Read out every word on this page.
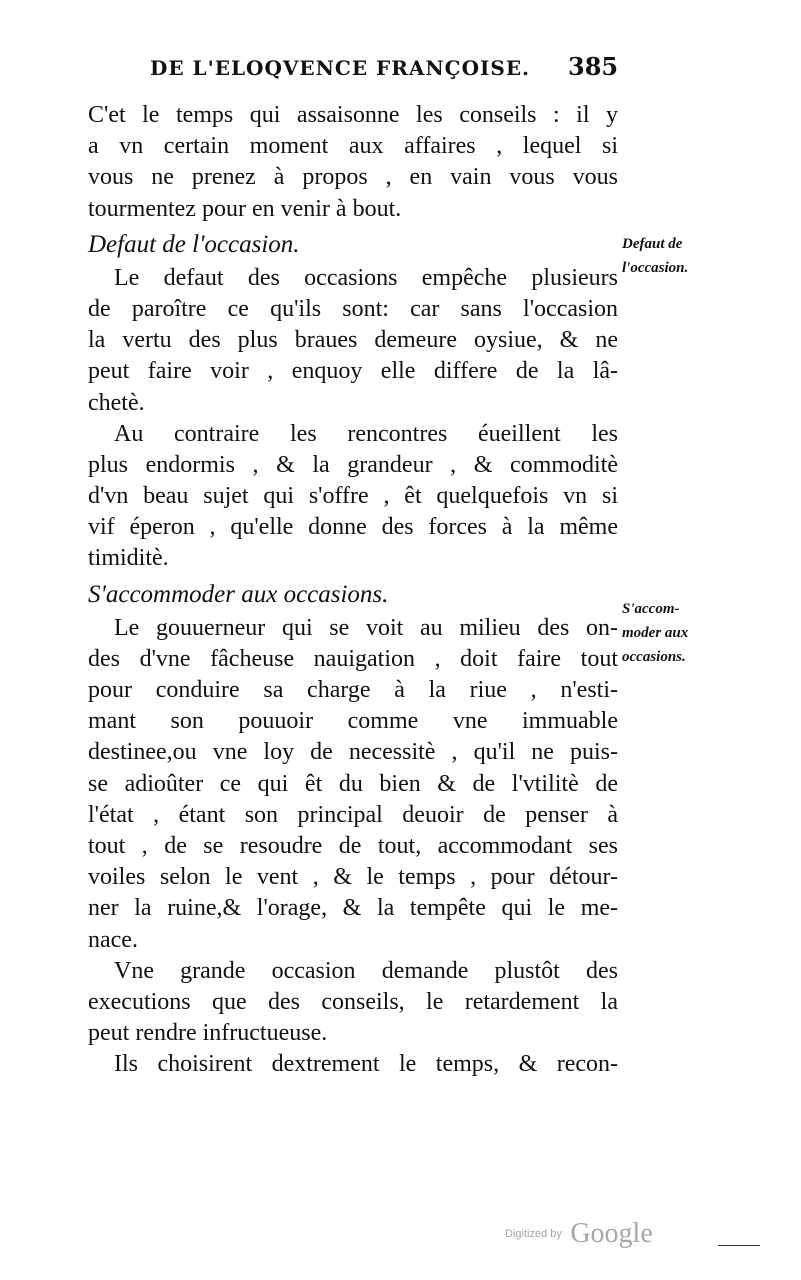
DE L'ELOQVENCE FRANÇOISE. 385
C'et le temps qui assaisonne les conseils : il y
a vn certain moment aux affaires , lequel si
vous ne prenez à propos , en vain vous vous
tourmentez pour en venir à bout.
Defaut de l'occasion.
Le defaut des occasions empêche plusieurs
de paroître ce qu'ils sont: car sans l'occasion
la vertu des plus braues demeure oysiue, & ne
peut faire voir , enquoy elle differe de la lâ-
chetè.
Au contraire les rencontres éueillent les
plus endormis , & la grandeur , & commoditè
d'vn beau sujet qui s'offre , êt quelquefois vn si
vif éperon , qu'elle donne des forces à la même
timiditè.
S'accommoder aux occasions.
Le gouuerneur qui se voit au milieu des on-
des d'vne fâcheuse nauigation , doit faire tout
pour conduire sa charge à la riue , n'esti-
mant son pouuoir comme vne immuable
destinee,ou vne loy de necessitè , qu'il ne puis-
se adioûter ce qui êt du bien & de l'vtilitè de
l'état , étant son principal deuoir de penser à
tout , de se resoudre de tout, accommodant ses
voiles selon le vent , & le temps , pour détour-
ner la ruine,& l'orage, & la tempête qui le me-
nace.
Vne grande occasion demande plustôt des
executions que des conseils, le retardement la
peut rendre infructueuse.
Ils choisirent dextrement le temps, & recon-
Defaut de
l'occasion.
S'accom-
moder aux
occasions.
Digitized by Google
